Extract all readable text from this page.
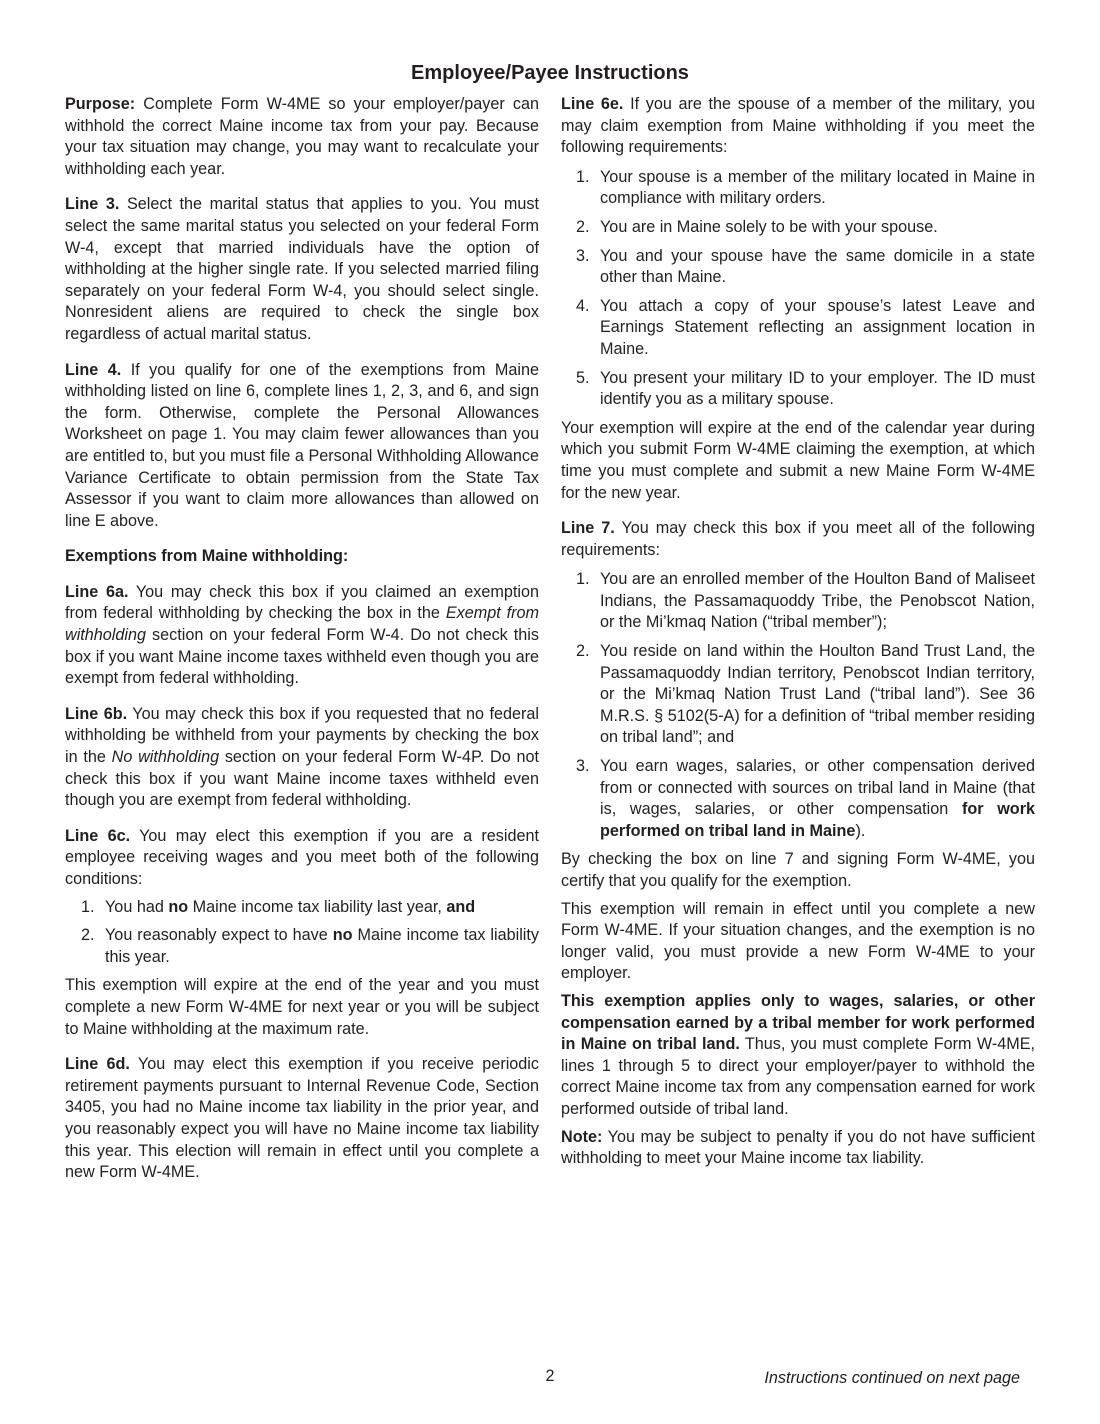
Employee/Payee Instructions

Purpose: Complete Form W-4ME so your employer/payer can withhold the correct Maine income tax from your pay. Because your tax situation may change, you may want to recalculate your withholding each year.

Line 3. Select the marital status that applies to you. You must select the same marital status you selected on your federal Form W-4, except that married individuals have the option of withholding at the higher single rate. If you selected married filing separately on your federal Form W-4, you should select single. Nonresident aliens are required to check the single box regardless of actual marital status.

Line 4. If you qualify for one of the exemptions from Maine withholding listed on line 6, complete lines 1, 2, 3, and 6, and sign the form. Otherwise, complete the Personal Allowances Worksheet on page 1. You may claim fewer allowances than you are entitled to, but you must file a Personal Withholding Allowance Variance Certificate to obtain permission from the State Tax Assessor if you want to claim more allowances than allowed on line E above.

Exemptions from Maine withholding:

Line 6a. You may check this box if you claimed an exemption from federal withholding by checking the box in the Exempt from withholding section on your federal Form W-4. Do not check this box if you want Maine income taxes withheld even though you are exempt from federal withholding.

Line 6b. You may check this box if you requested that no federal withholding be withheld from your payments by checking the box in the No withholding section on your federal Form W-4P. Do not check this box if you want Maine income taxes withheld even though you are exempt from federal withholding.

Line 6c. You may elect this exemption if you are a resident employee receiving wages and you meet both of the following conditions:

1. You had no Maine income tax liability last year, and
2. You reasonably expect to have no Maine income tax liability this year.

This exemption will expire at the end of the year and you must complete a new Form W-4ME for next year or you will be subject to Maine withholding at the maximum rate.

Line 6d. You may elect this exemption if you receive periodic retirement payments pursuant to Internal Revenue Code, Section 3405, you had no Maine income tax liability in the prior year, and you reasonably expect you will have no Maine income tax liability this year. This election will remain in effect until you complete a new Form W-4ME.

Line 6e. If you are the spouse of a member of the military, you may claim exemption from Maine withholding if you meet the following requirements:

1. Your spouse is a member of the military located in Maine in compliance with military orders.
2. You are in Maine solely to be with your spouse.
3. You and your spouse have the same domicile in a state other than Maine.
4. You attach a copy of your spouse’s latest Leave and Earnings Statement reflecting an assignment location in Maine.
5. You present your military ID to your employer. The ID must identify you as a military spouse.

Your exemption will expire at the end of the calendar year during which you submit Form W-4ME claiming the exemption, at which time you must complete and submit a new Maine Form W-4ME for the new year.

Line 7. You may check this box if you meet all of the following requirements:

1. You are an enrolled member of the Houlton Band of Maliseet Indians, the Passamaquoddy Tribe, the Penobscot Nation, or the Mi’kmaq Nation (“tribal member”);
2. You reside on land within the Houlton Band Trust Land, the Passamaquoddy Indian territory, Penobscot Indian territory, or the Mi’kmaq Nation Trust Land (“tribal land”). See 36 M.R.S. § 5102(5-A) for a definition of “tribal member residing on tribal land”; and
3. You earn wages, salaries, or other compensation derived from or connected with sources on tribal land in Maine (that is, wages, salaries, or other compensation for work performed on tribal land in Maine).

By checking the box on line 7 and signing Form W-4ME, you certify that you qualify for the exemption.

This exemption will remain in effect until you complete a new Form W-4ME. If your situation changes, and the exemption is no longer valid, you must provide a new Form W-4ME to your employer.

This exemption applies only to wages, salaries, or other compensation earned by a tribal member for work performed in Maine on tribal land. Thus, you must complete Form W-4ME, lines 1 through 5 to direct your employer/payer to withhold the correct Maine income tax from any compensation earned for work performed outside of tribal land.

Note: You may be subject to penalty if you do not have sufficient withholding to meet your Maine income tax liability.

2	Instructions continued on next page
